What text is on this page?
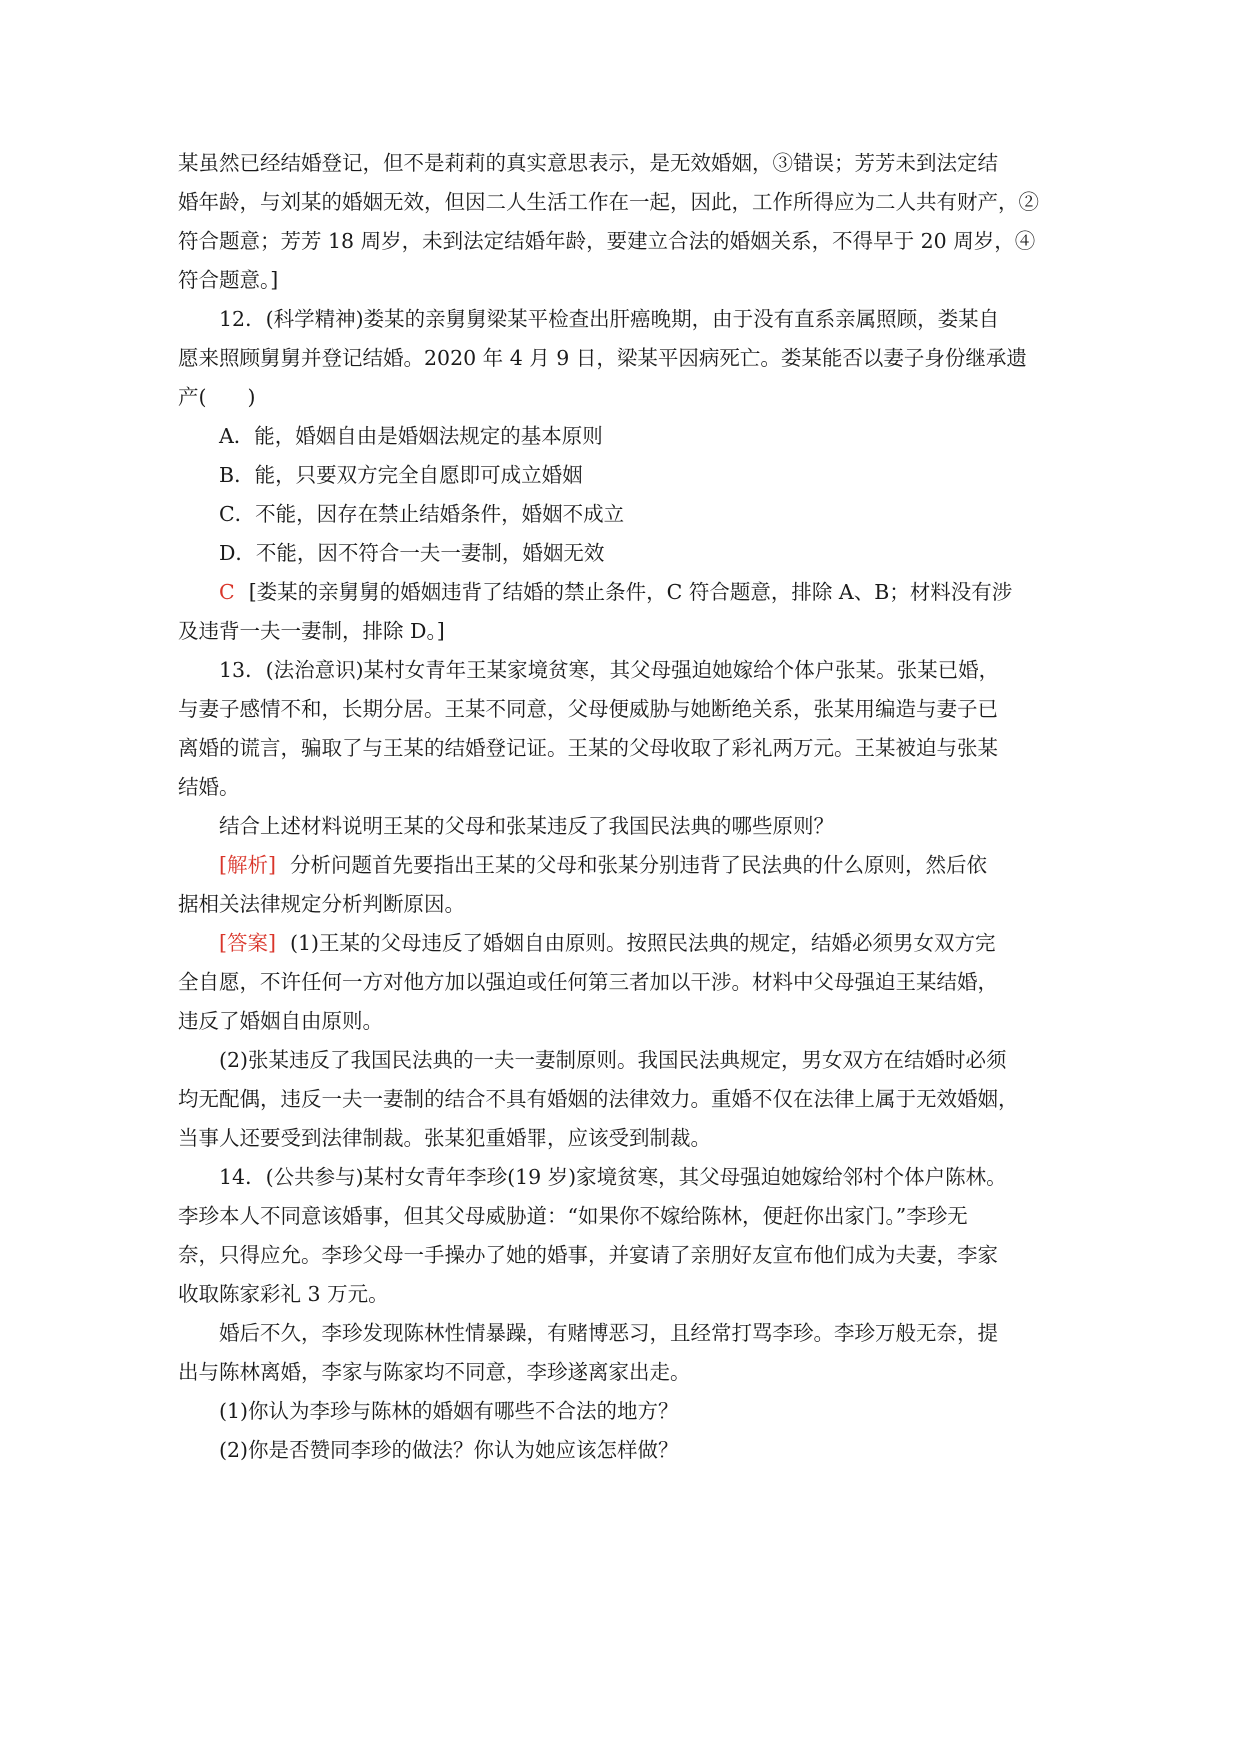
某虽然已经结婚登记，但不是莉莉的真实意思表示，是无效婚姻，③错误；芳芳未到法定结
婚年龄，与刘某的婚姻无效，但因二人生活工作在一起，因此，工作所得应为二人共有财产，②
符合题意；芳芳 18 周岁，未到法定结婚年龄，要建立合法的婚姻关系，不得早于 20 周岁，④
符合题意。]
12．(科学精神)娄某的亲舅舅梁某平检查出肝癌晚期，由于没有直系亲属照顾，娄某自
愿来照顾舅舅并登记结婚。2020 年 4 月 9 日，梁某平因病死亡。娄某能否以妻子身份继承遗
产(　　)
A．能，婚姻自由是婚姻法规定的基本原则
B．能，只要双方完全自愿即可成立婚姻
C．不能，因存在禁止结婚条件，婚姻不成立
D．不能，因不符合一夫一妻制，婚姻无效
C [娄某的亲舅舅的婚姻违背了结婚的禁止条件，C 符合题意，排除 A、B；材料没有涉
及违背一夫一妻制，排除 D。]
13．(法治意识)某村女青年王某家境贫寒，其父母强迫她嫁给个体户张某。张某已婚，
与妻子感情不和，长期分居。王某不同意，父母便威胁与她断绝关系，张某用编造与妻子已
离婚的谎言，骗取了与王某的结婚登记证。王某的父母收取了彩礼两万元。王某被迫与张某
结婚。
结合上述材料说明王某的父母和张某违反了我国民法典的哪些原则？
[解析] 分析问题首先要指出王某的父母和张某分别违背了民法典的什么原则，然后依
据相关法律规定分析判断原因。
[答案] (1)王某的父母违反了婚姻自由原则。按照民法典的规定，结婚必须男女双方完
全自愿，不许任何一方对他方加以强迫或任何第三者加以干涉。材料中父母强迫王某结婚，
违反了婚姻自由原则。
(2)张某违反了我国民法典的一夫一妻制原则。我国民法典规定，男女双方在结婚时必须
均无配偶，违反一夫一妻制的结合不具有婚姻的法律效力。重婚不仅在法律上属于无效婚姻，
当事人还要受到法律制裁。张某犯重婚罪，应该受到制裁。
14．(公共参与)某村女青年李珍(19 岁)家境贫寒，其父母强迫她嫁给邻村个体户陈林。
李珍本人不同意该婚事，但其父母威胁道：“如果你不嫁给陈林，便赶你出家门。”李珍无
奈，只得应允。李珍父母一手操办了她的婚事，并宴请了亲朋好友宣布他们成为夫妻，李家
收取陈家彩礼 3 万元。
婚后不久，李珍发现陈林性情暴躁，有赌博恶习，且经常打骂李珍。李珍万般无奈，提
出与陈林离婚，李家与陈家均不同意，李珍遂离家出走。
(1)你认为李珍与陈林的婚姻有哪些不合法的地方？
(2)你是否赞同李珍的做法？你认为她应该怎样做？
